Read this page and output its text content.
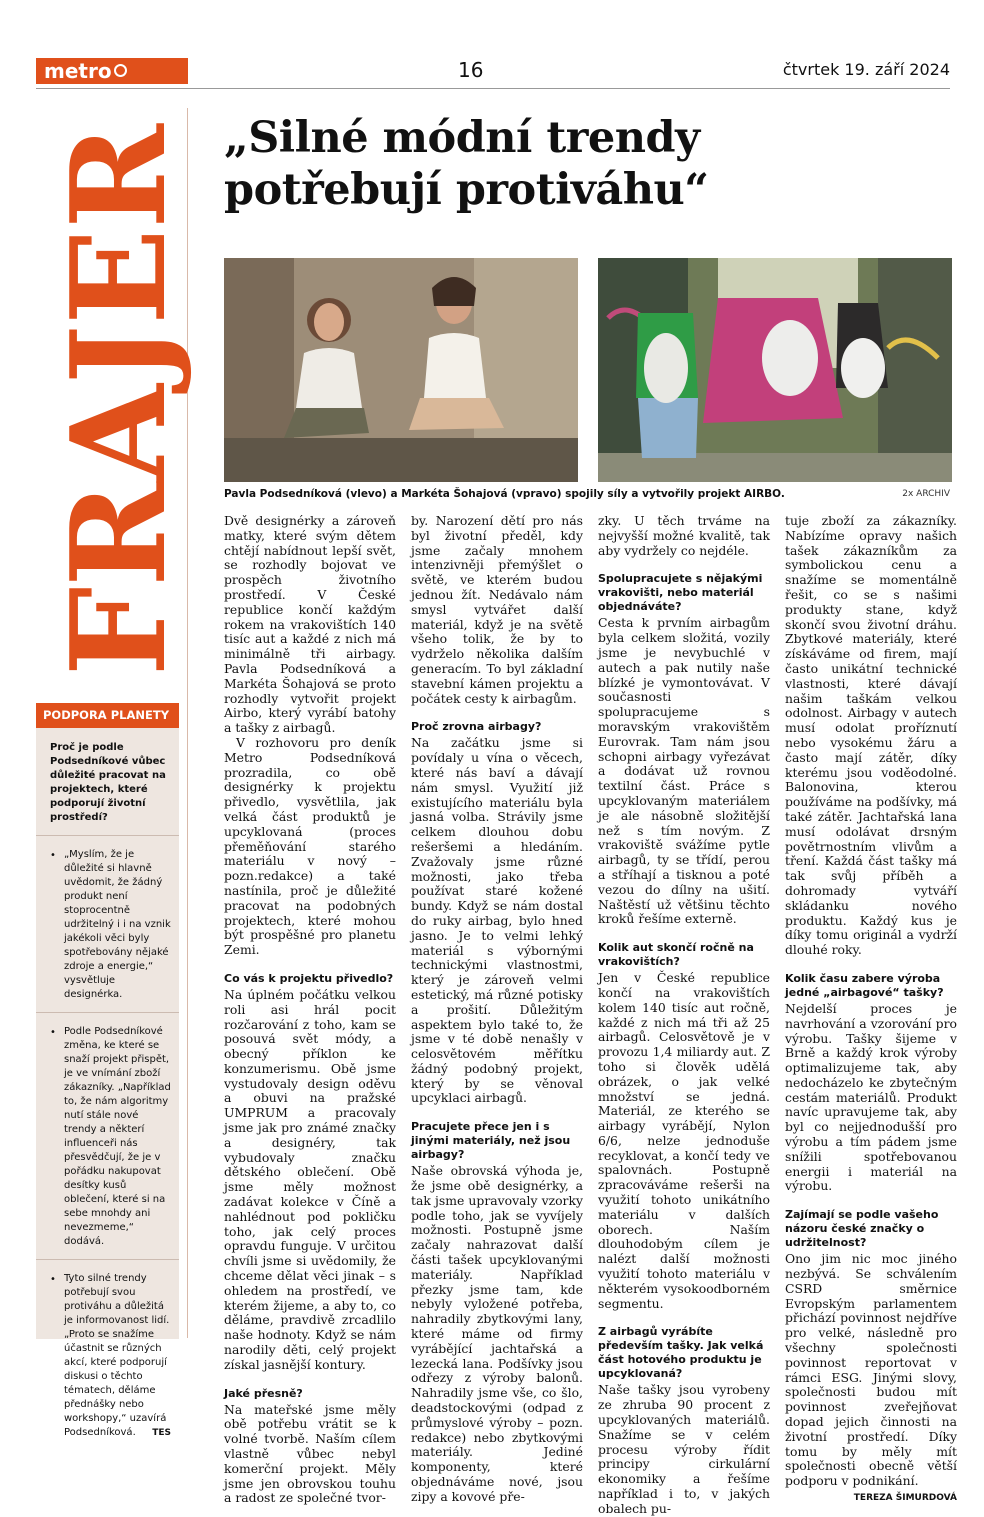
metro	16	čtvrtek 19. září 2024
FRAJER „Silné módní trendy potřebují protiváhu“
Pavla Podsedníková (vlevo) a Markéta Šohajová (vpravo) spojily síly a vytvořily projekt AIRBO.	2x ARCHIV
PODPORA PLANETY
Proč je podle Podsedníkové vůbec důležité pracovat na projektech, které podporují životní prostředí?
• „Myslím, že je důležité si hlavně uvědomit, že žádný produkt není stoprocentně udržitelný i i na vznik jakékoli věci byly spotřebovány nějaké zdroje a energie,“ vysvětluje designérka.
• Podle Podsedníkové změna, ke které se snaží projekt přispět, je ve vnímání zboží zákazníky. „Například to, že nám algoritmy nutí stále nové trendy a některí influenceři nás přesvědčují, že je v pořádku nakupovat desítky kusů oblečení, které si na sebe mnohdy ani nevezmeme,“ dodává.
• Tyto silné trendy potřebují svou protiváhu a důležitá je informovanost lidí. „Proto se snažíme účastnit se různých akcí, které podporují diskusi o těchto tématech, děláme přednášky nebo workshopy,“ uzavírá Podsedníková. TES

Dvě designérky a zároveň matky, které svým dětem chtějí nabídnout lepší svět, se rozhodly bojovat ve prospěch životního prostředí. V České republice končí každým rokem na vrakovištích 140 tisíc aut a každé z nich má minimálně tři airbagy. Pavla Podsedníková a Markéta Šohajová se proto rozhodly vytvořit projekt Airbo, který vyrábí batohy a tašky z airbagů.

V rozhovoru pro deník Metro Podsedníková prozradila, co obě designérky k projektu přivedlo, vysvětlila, jak velká část produktů je upcyklovaná (proces přeměňování starého materiálu v nový – pozn.redakce) a také nastínila, proč je důležité pracovat na podobných projektech, které mohou být prospěšné pro planetu Zemi.

Co vás k projektu přivedlo?

Na úplném počátku velkou roli asi hrál pocit rozčarování z toho, kam se posouvá svět módy, a obecný příklon ke konzumerismu. Obě jsme vystudovaly design oděvu a obuvi na pražské UMPRUM a pracovaly jsme jak pro známé značky a designéry, tak vybudovaly značku dětského oblečení. Obě jsme měly možnost zadávat kolekce v Číně a nahlédnout pod pokličku toho, jak celý proces opravdu funguje. V určitou chvíli jsme si uvědomily, že chceme dělat věci jinak – s ohledem na prostředí, ve kterém žijeme, a aby to, co děláme, pravdivě zrcadlilo naše hodnoty. Když se nám narodily děti, celý projekt získal jasnější kontury.

Jaké přesně?

Na mateřské jsme měly obě potřebu vrátit se k volné tvorbě. Naším cílem vlastně vůbec nebyl komerční projekt. Měly jsme jen obrovskou touhu a radost ze společné tvor-

by. Narození dětí pro nás byl životní předěl, kdy jsme začaly mnohem intenzivněji přemýšlet o světě, ve kterém budou jednou žít. Nedávalo nám smysl vytvářet další materiál, když je na světě všeho tolik, že by to vydrželo několika dalším generacím. To byl základní stavební kámen projektu a počátek cesty k airbagům.

Proč zrovna airbagy?

Na začátku jsme si povídaly u vína o věcech, které nás baví a dávají nám smysl. Využití již existujícího materiálu byla jasná volba. Strávily jsme celkem dlouhou dobu rešeršemi a hledáním. Zvažovaly jsme různé možnosti, jako třeba používat staré kožené bundy. Když se nám dostal do ruky airbag, bylo hned jasno. Je to velmi lehký materiál s výbornými technickými vlastnostmi, který je zároveň velmi estetický, má různé potisky a prošití. Důležitým aspektem bylo také to, že jsme v té době nenašly v celosvětovém měřítku žádný podobný projekt, který by se věnoval upcyklaci airbagů.

Pracujete přece jen i s jinými materiály, než jsou airbagy?

Naše obrovská výhoda je, že jsme obě designérky, a tak jsme upravovaly vzorky podle toho, jak se vyvíjely možnosti. Postupně jsme začaly nahrazovat další části tašek upcyklovanými materiály. Například přezky jsme tam, kde nebyly vyložené potřeba, nahradily zbytkovými lany, které máme od firmy vyrábějící jachtařská a lezecká lana. Podšívky jsou odřezy z výroby balonů. Nahradily jsme vše, co šlo, deadstockovými (odpad z průmyslové výroby – pozn. redakce) nebo zbytkovými materiály. Jediné komponenty, které objednáváme nové, jsou zipy a kovové pře-

zky. U těch trváme na nejvyšší možné kvalitě, tak aby vydržely co nejdéle.

Spolupracujete s nějakými vrakovišti, nebo materiál objednáváte?

Cesta k prvním airbagům byla celkem složitá, vozily jsme je nevybuchlé v autech a pak nutily naše blízké je vymontovávat. V současnosti spolupracujeme s moravským vrakovištěm Eurovrak. Tam nám jsou schopni airbagy vyřezávat a dodávat už rovnou textilní část. Práce s upcyklovaným materiálem je ale násobně složitější než s tím novým. Z vrakoviště svážíme pytle airbagů, ty se třídí, perou a stříhají a tisknou a poté vezou do dílny na ušití. Naštěstí už většinu těchto kroků řešíme externě.

Kolik aut skončí ročně na vrakovištích?

Jen v České republice končí na vrakovištích kolem 140 tisíc aut ročně, každé z nich má tři až 25 airbagů. Celosvětově je v provozu 1,4 miliardy aut. Z toho si člověk udělá obrázek, o jak velké množství se jedná. Materiál, ze kterého se airbagy vyrábějí, Nylon 6/6, nelze jednoduše recyklovat, a končí tedy ve spalovnách. Postupně zpracováváme rešerši na využití tohoto unikátního materiálu v dalších oborech. Naším dlouhodobým cílem je nalézt další možnosti využití tohoto materiálu v některém vysokoodborném segmentu.

Z airbagů vyrábíte především tašky. Jak velká část hotového produktu je upcyklovaná?

Naše tašky jsou vyrobeny ze zhruba 90 procent z upcyklovaných materiálů. Snažíme se v celém procesu výroby řídit principy cirkulární ekonomiky a řešíme například i to, v jakých obalech pu-

tuje zboží za zákazníky. Nabízíme opravy našich tašek zákazníkům za symbolickou cenu a snažíme se momentálně řešit, co se s našimi produkty stane, když skončí svou životní dráhu. Zbytkové materiály, které získáváme od firem, mají často unikátní technické vlastnosti, které dávají našim taškám velkou odolnost. Airbagy v autech musí odolat proříznutí nebo vysokému žáru a často mají zátěr, díky kterému jsou voděodolné. Balonovina, kterou používáme na podšívky, má také zátěr. Jachtařská lana musí odolávat drsným povětrnostním vlivům a tření. Každá část tašky má tak svůj příběh a dohromady vytváří skládanku nového produktu. Každý kus je díky tomu originál a vydrží dlouhé roky.

Kolik času zabere výroba jedné „airbagové“ tašky?

Nejdelší proces je navrhování a vzorování pro výrobu. Tašky šijeme v Brně a každý krok výroby optimalizujeme tak, aby nedocházelo ke zbytečným cestám materiálů. Produkt navíc upravujeme tak, aby byl co nejjednodušší pro výrobu a tím pádem jsme snížili spotřebovanou energii i materiál na výrobu.

Zajímají se podle vašeho názoru české značky o udržitelnost?

Ono jim nic moc jiného nezbývá. Se schválením CSRD směrnice Evropským parlamentem přichází povinnost nejdříve pro velké, následně pro všechny společnosti povinnost reportovat v rámci ESG. Jinými slovy, společnosti budou mít povinnost zveřejňovat dopad jejich činnosti na životní prostředí. Díky tomu by měly mít společnosti obecně větší podporu v podnikání.

TEREZA ŠIMURDOVÁ
